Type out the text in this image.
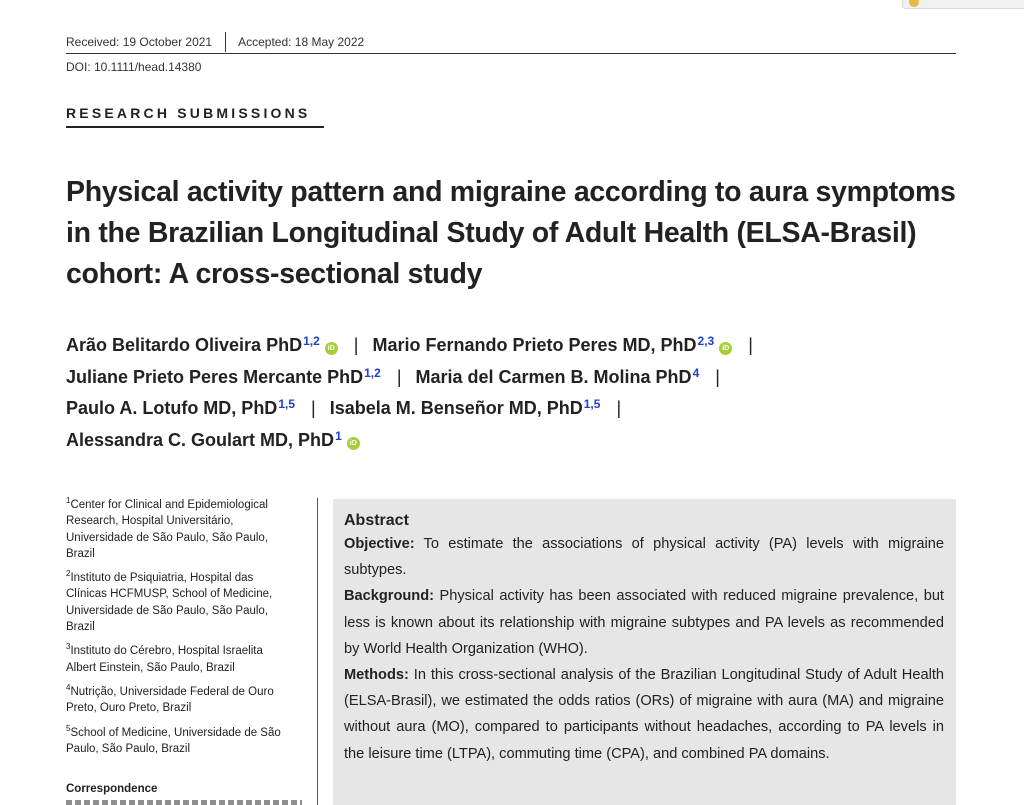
Received: 19 October 2021 Accepted: 18 May 2022
DOI: 10.1111/head.14380
RESEARCH SUBMISSIONS
Physical activity pattern and migraine according to aura symptoms in the Brazilian Longitudinal Study of Adult Health (ELSA-Brasil) cohort: A cross-sectional study
Arão Belitardo Oliveira PhD$^{1,2}$iD | Mario Fernando Prieto Peres MD, PhD$^{2,3}$iD |
Juliane Prieto Peres Mercante PhD$^{1,2}$ | Maria del Carmen B. Molina PhD$^4$ |
Paulo A. Lotufo MD, PhD$^{1,5}$ | Isabela M. Benseñor MD, PhD$^{1,5}$ |
Alessandra C. Goulart MD, PhD$^1$iD
$^1$Center for Clinical and Epidemiological
Research, Hospital Universitário,
Universidade de São Paulo, São Paulo,
Brazil
$^2$Instituto de Psiquiatria, Hospital das
Clínicas HCFMUSP, School of Medicine,
Universidade de São Paulo, São Paulo,
Brazil
$^3$Instituto do Cérebro, Hospital Israelita
Albert Einstein, São Paulo, Brazil
$^4$Nutrição, Universidade Federal de Ouro
Preto, Ouro Preto, Brazil
$^5$School of Medicine, Universidade de São
Paulo, São Paulo, Brazil
Correspondence
Abstract

Objective: To estimate the associations of physical activity (PA) levels with migraine subtypes.

Background: Physical activity has been associated with reduced migraine prevalence, but less is known about its relationship with migraine subtypes and PA levels as recommended by World Health Organization (WHO).

Methods: In this cross-sectional analysis of the Brazilian Longitudinal Study of Adult Health (ELSA-Brasil), we estimated the odds ratios (ORs) of migraine with aura (MA) and migraine without aura (MO), compared to participants without headaches, according to PA levels in the leisure time (LTPA), commuting time (CPA), and combined PA domains.
